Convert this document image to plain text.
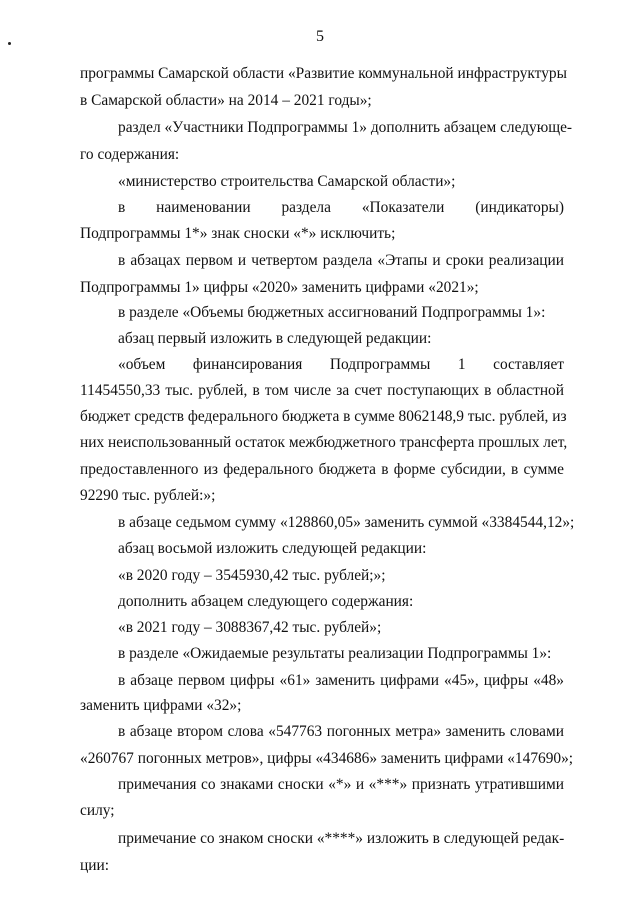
5
программы Самарской области «Развитие коммунальной инфраструктуры
в Самарской области» на 2014 – 2021 годы»;
раздел «Участники Подпрограммы 1» дополнить абзацем следующе-
го содержания:
«министерство строительства Самарской области»;
в наименовании раздела «Показатели (индикаторы)
Подпрограммы 1*» знак сноски «*» исключить;
в абзацах первом и четвертом раздела «Этапы и сроки реализации
Подпрограммы 1» цифры «2020» заменить цифрами «2021»;
в разделе «Объемы бюджетных ассигнований Подпрограммы 1»:
абзац первый изложить в следующей редакции:
«объем финансирования Подпрограммы 1 составляет
11454550,33 тыс. рублей, в том числе за счет поступающих в областной
бюджет средств федерального бюджета в сумме 8062148,9 тыс. рублей, из
них неиспользованный остаток межбюджетного трансферта прошлых лет,
предоставленного из федерального бюджета в форме субсидии, в сумме
92290 тыс. рублей:»;
в абзаце седьмом сумму «128860,05» заменить суммой «3384544,12»;
абзац восьмой изложить следующей редакции:
«в 2020 году – 3545930,42 тыс. рублей;»;
дополнить абзацем следующего содержания:
«в 2021 году – 3088367,42 тыс. рублей»;
в разделе «Ожидаемые результаты реализации Подпрограммы 1»:
в абзаце первом цифры «61» заменить цифрами «45», цифры «48»
заменить цифрами «32»;
в абзаце втором слова «547763 погонных метра» заменить словами
«260767 погонных метров», цифры «434686» заменить цифрами «147690»;
примечания со знаками сноски «*» и «***» признать утратившими
силу;
примечание со знаком сноски «****» изложить в следующей редак-
ции:
